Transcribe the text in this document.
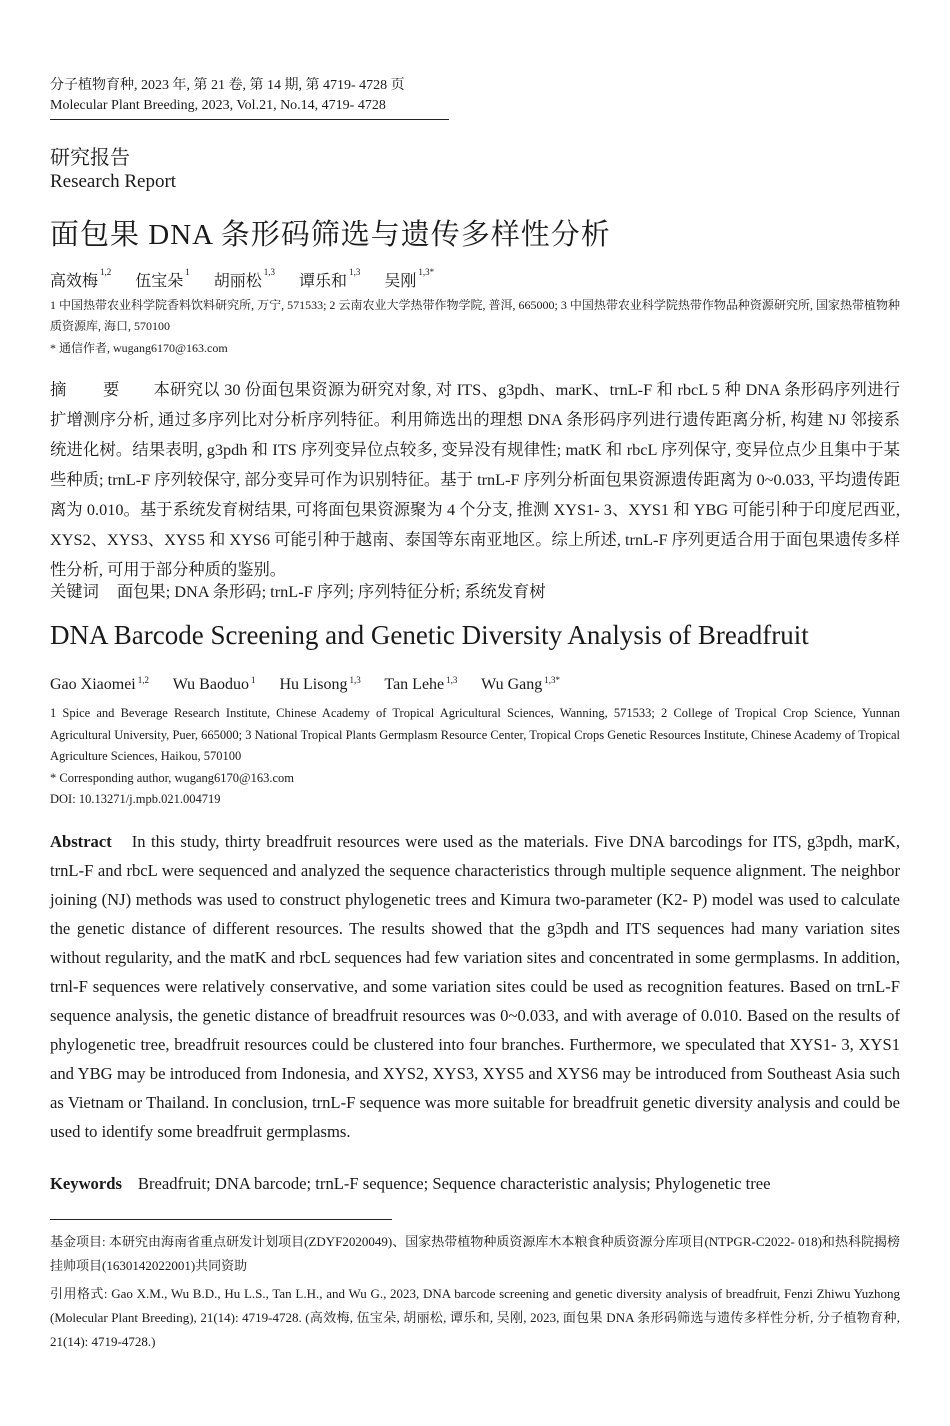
分子植物育种, 2023 年, 第 21 卷, 第 14 期, 第 4719- 4728 页
Molecular Plant Breeding, 2023, Vol.21, No.14, 4719- 4728
研究报告
Research Report
面包果 DNA 条形码筛选与遗传多样性分析
高效梅$^{1,2}$ 伍宝朵$^1$ 胡丽松$^{1,3}$ 谭乐和$^{1,3}$ 吴刚$^{1,3*}$
1 中国热带农业科学院香料饮料研究所, 万宁, 571533; 2 云南农业大学热带作物学院, 普洱, 665000; 3 中国热带农业科学院热带作物品种资源研究所, 国家热带植物种质资源库, 海口, 570100
* 通信作者, wugang6170@163.com
摘 要 本研究以 30 份面包果资源为研究对象, 对 ITS、g3pdh、marK、trnL-F 和 rbcL 5 种 DNA 条形码序列进行扩增测序分析, 通过多序列比对分析序列特征。利用筛选出的理想 DNA 条形码序列进行遗传距离分析, 构建 NJ 邻接系统进化树。结果表明, g3pdh 和 ITS 序列变异位点较多, 变异没有规律性; matK 和 rbcL 序列保守, 变异位点少且集中于某些种质; trnL-F 序列较保守, 部分变异可作为识别特征。基于 trnL-F 序列分析面包果资源遗传距离为 0~0.033, 平均遗传距离为 0.010。基于系统发育树结果, 可将面包果资源聚为 4 个分支, 推测 XYS1- 3、XYS1 和 YBG 可能引种于印度尼西亚, XYS2、XYS3、XYS5 和 XYS6 可能引种于越南、泰国等东南亚地区。综上所述, trnL-F 序列更适合用于面包果遗传多样性分析, 可用于部分种质的鉴别。
关键词 面包果; DNA 条形码; trnL-F 序列; 序列特征分析; 系统发育树
DNA Barcode Screening and Genetic Diversity Analysis of Breadfruit
Gao Xiaomei $^{1,2}$ Wu Baoduo $^1$ Hu Lisong $^{1,3}$ Tan Lehe $^{1,3}$ Wu Gang $^{1,3*}$
1 Spice and Beverage Research Institute, Chinese Academy of Tropical Agricultural Sciences, Wanning, 571533; 2 College of Tropical Crop Science, Yunnan Agricultural University, Puer, 665000; 3 National Tropical Plants Germplasm Resource Center, Tropical Crops Genetic Resources Institute, Chinese Academy of Tropical Agriculture Sciences, Haikou, 570100
* Corresponding author, wugang6170@163.com
DOI: 10.13271/j.mpb.021.004719
Abstract In this study, thirty breadfruit resources were used as the materials. Five DNA barcodings for ITS, g3pdh, marK, trnL-F and rbcL were sequenced and analyzed the sequence characteristics through multiple sequence alignment. The neighbor joining (NJ) methods was used to construct phylogenetic trees and Kimura two-parameter (K2- P) model was used to calculate the genetic distance of different resources. The results showed that the g3pdh and ITS sequences had many variation sites without regularity, and the matK and rbcL sequences had few variation sites and concentrated in some germplasms. In addition, trnl-F sequences were relatively conservative, and some variation sites could be used as recognition features. Based on trnL-F sequence analysis, the genetic distance of breadfruit resources was 0~0.033, and with average of 0.010. Based on the results of phylogenetic tree, breadfruit resources could be clustered into four branches. Furthermore, we speculated that XYS1- 3, XYS1 and YBG may be introduced from Indonesia, and XYS2, XYS3, XYS5 and XYS6 may be introduced from Southeast Asia such as Vietnam or Thailand. In conclusion, trnL-F sequence was more suitable for breadfruit genetic diversity analysis and could be used to identify some breadfruit germplasms.
Keywords Breadfruit; DNA barcode; trnL-F sequence; Sequence characteristic analysis; Phylogenetic tree
基金项目: 本研究由海南省重点研发计划项目(ZDYF2020049)、国家热带植物种质资源库木本粮食种质资源分库项目(NTPGR-C2022- 018)和热科院揭榜挂帅项目(1630142022001)共同资助
引用格式: Gao X.M., Wu B.D., Hu L.S., Tan L.H., and Wu G., 2023, DNA barcode screening and genetic diversity analysis of breadfruit, Fenzi Zhiwu Yuzhong (Molecular Plant Breeding), 21(14): 4719-4728. (高效梅, 伍宝朵, 胡丽松, 谭乐和, 吴刚, 2023, 面包果 DNA 条形码筛选与遗传多样性分析, 分子植物育种, 21(14): 4719-4728.)
